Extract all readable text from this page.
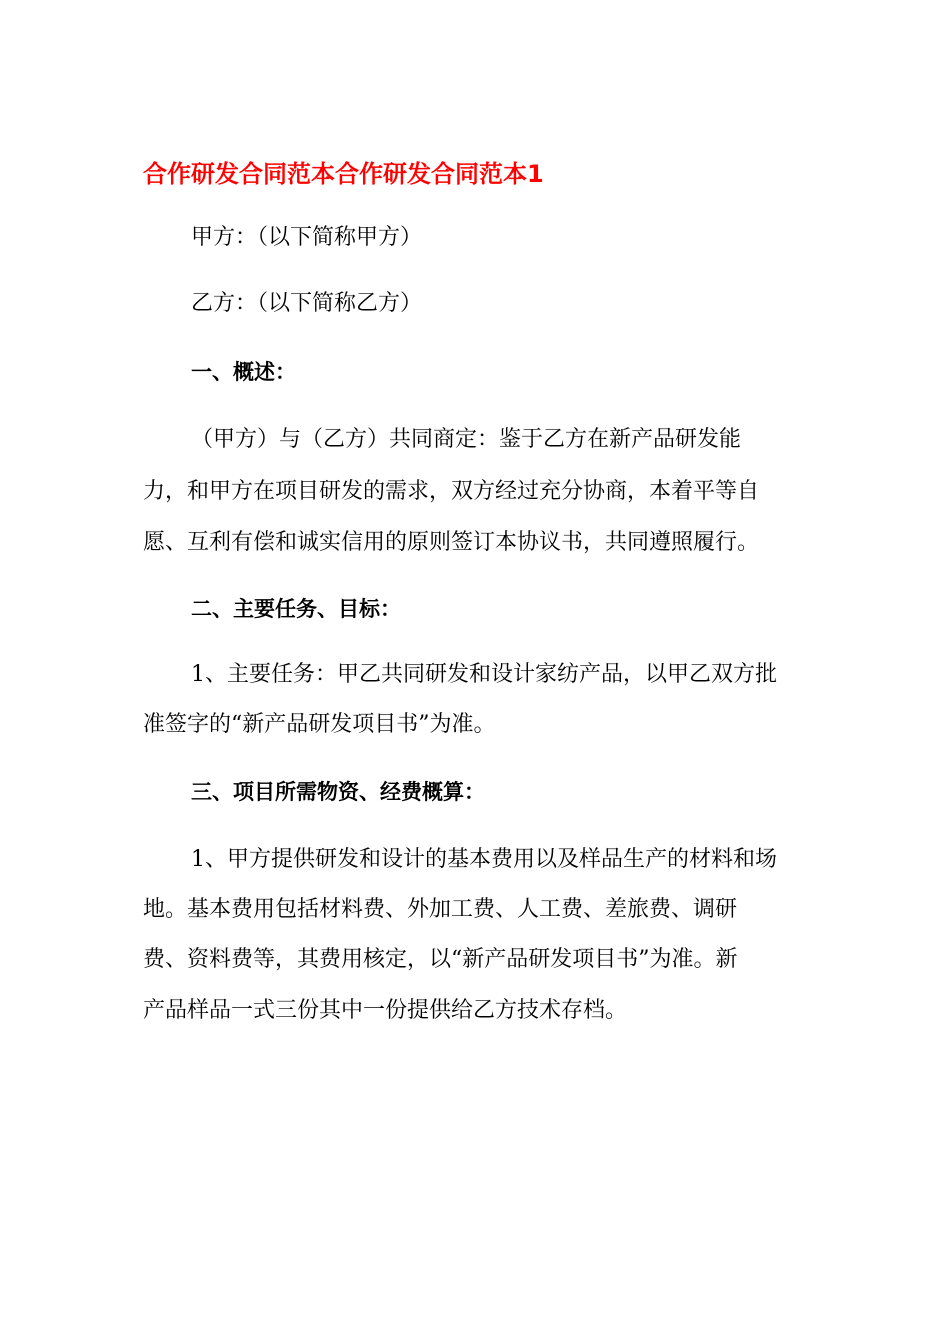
合作研发合同范本合作研发合同范本1
甲方：（以下简称甲方）
乙方：（以下简称乙方）
一、概述：
（甲方）与（乙方）共同商定：鉴于乙方在新产品研发能
力，和甲方在项目研发的需求，双方经过充分协商，本着平等自
愿、互利有偿和诚实信用的原则签订本协议书，共同遵照履行。
二、主要任务、目标：
1、主要任务：甲乙共同研发和设计家纺产品，以甲乙双方批
准签字的“新产品研发项目书”为准。
三、项目所需物资、经费概算：
1、甲方提供研发和设计的基本费用以及样品生产的材料和场
地。基本费用包括材料费、外加工费、人工费、差旅费、调研
费、资料费等，其费用核定，以“新产品研发项目书”为准。新
产品样品一式三份其中一份提供给乙方技术存档。
